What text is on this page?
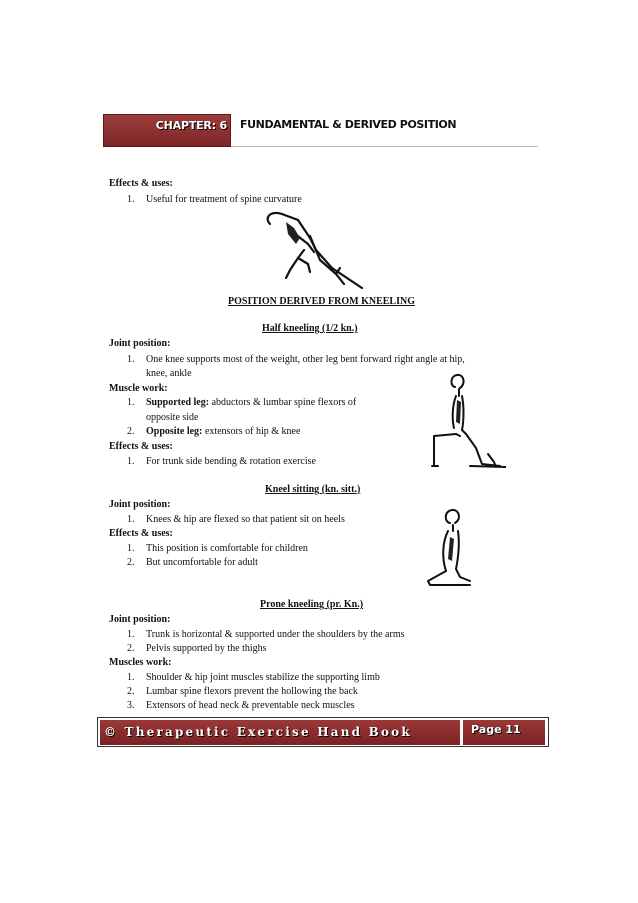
CHAPTER: 6 FUNDAMENTAL & DERIVED POSITION
Effects & uses:
1. Useful for treatment of spine curvature
POSITION DERIVED FROM KNEELING
Half kneeling (1/2 kn.)
Joint position:
1. One knee supports most of the weight, other leg bent forward right angle at hip,
knee, ankle
Muscle work:
1. Supported leg: abductors & lumbar spine flexors of
opposite side
2. Opposite leg: extensors of hip & knee
Effects & uses:
1. For trunk side bending & rotation exercise
Kneel sitting (kn. sitt.)
Joint position:
1. Knees & hip are flexed so that patient sit on heels
Effects & uses:
1. This position is comfortable for children
2. But uncomfortable for adult
Prone kneeling (pr. Kn.)
Joint position:
1. Trunk is horizontal & supported under the shoulders by the arms
2. Pelvis supported by the thighs
Muscles work:
1. Shoulder & hip joint muscles stabilize the supporting limb
2. Lumbar spine flexors prevent the hollowing the back
3. Extensors of head neck & preventable neck muscles
© Therapeutic Exercise Hand Book	Page 11
